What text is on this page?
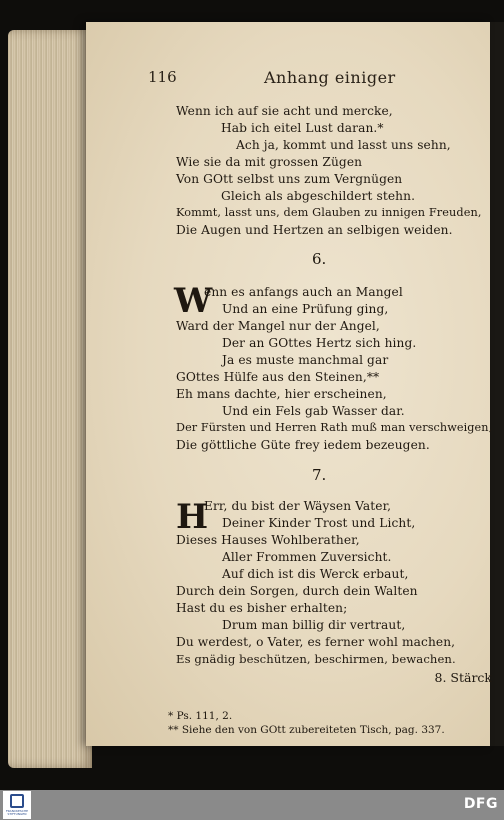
116	Anhang einiger
Wenn ich auf sie acht und mercke,
Hab ich eitel Lust daran.*
Ach ja, kommt und lasst uns sehn,
Wie sie da mit grossen Zügen
Von GOtt selbst uns zum Vergnügen
Gleich als abgeschildert stehn.
Kommt, lasst uns, dem Glauben zu innigen Freuden,
Die Augen und Hertzen an selbigen weiden.
6.
W
enn es anfangs auch an Mangel
Und an eine Prüfung ging,
Ward der Mangel nur der Angel,
Der an GOttes Hertz sich hing.
Ja es muste manchmal gar
GOttes Hülfe aus den Steinen,**
Eh mans dachte, hier erscheinen,
Und ein Fels gab Wasser dar.
Der Fürsten und Herren Rath muß man verschweigen,
Die göttliche Güte frey iedem bezeugen.
7.
H
Err, du bist der Wäysen Vater,
Deiner Kinder Trost und Licht,
Dieses Hauses Wohlberather,
Aller Frommen Zuversicht.
Auf dich ist dis Werck erbaut,
Durch dein Sorgen, durch dein Walten
Hast du es bisher erhalten;
Drum man billig dir vertraut,
Du werdest, o Vater, es ferner wohl machen,
Es gnädig beschützen, beschirmen, bewachen.
8. Stärck
* Ps. 111, 2.
** Siehe den von GOtt zubereiteten Tisch, pag. 337.
FRANCKESCHE STIFTUNGEN
DFG
